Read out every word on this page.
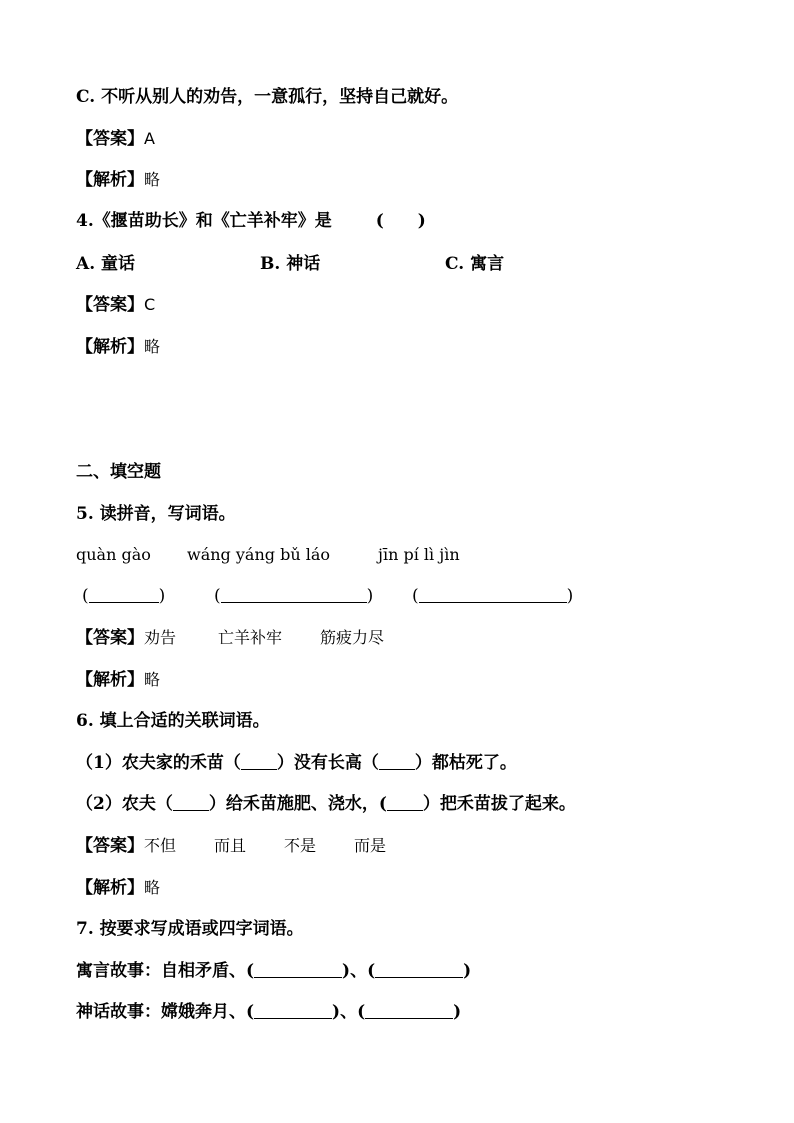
C. 不听从别人的劝告，一意孤行，坚持自己就好。
【答案】A
【解析】略
4.《揠苗助长》和《亡羊补牢》是	(　　)
A. 童话	B. 神话	C. 寓言
【答案】C
【解析】略
二、填空题
5. 读拼音，写词语。
quàn gào wáng yáng bǔ láo	jīn pí lì jìn
(	)	(	) (	)
【答案】劝告	亡羊补牢 筋疲力尽
【解析】略
6. 填上合适的关联词语。
（1）农夫家的禾苗（ ）没有长高（ ）都枯死了。
（2）农夫（ ）给禾苗施肥、浇水，( ）把禾苗拔了起来。
【答案】不但 而且 不是 而是
【解析】略
7. 按要求写成语或四字词语。
寓言故事：自相矛盾、(	)、(	)
神话故事：嫦娥奔月、(	)、(	)
